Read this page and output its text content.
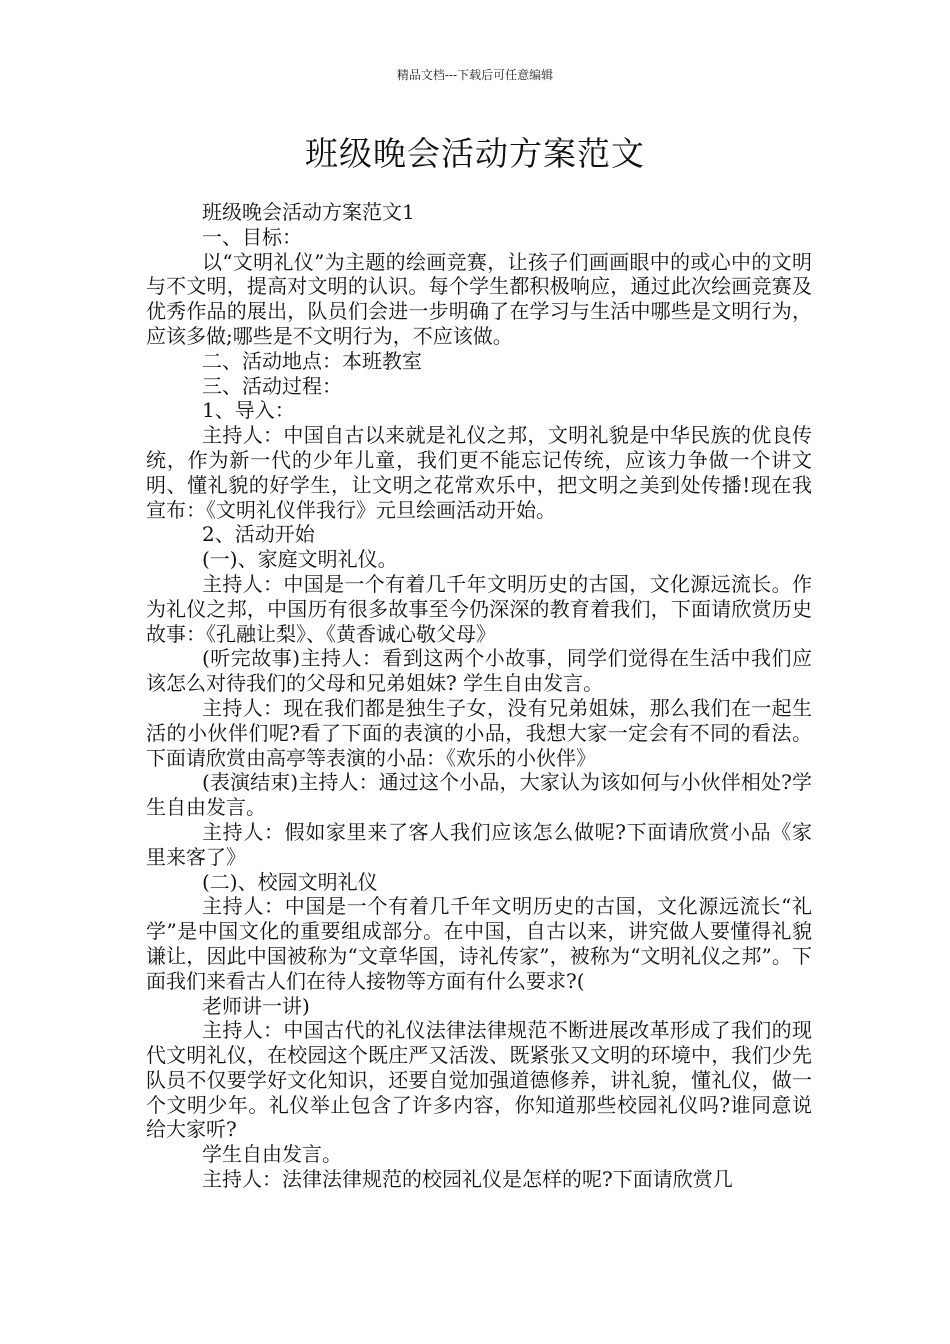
精品文档---下载后可任意编辑
班级晚会活动方案范文

班级晚会活动方案范文1

一、目标：

以“文明礼仪”为主题的绘画竞赛，让孩子们画画眼中的或心中的文明与不文明，提高对文明的认识。每个学生都积极响应，通过此次绘画竞赛及优秀作品的展出，队员们会进一步明确了在学习与生活中哪些是文明行为，应该多做;哪些是不文明行为，不应该做。

二、活动地点：本班教室

三、活动过程：

1、导入：

主持人：中国自古以来就是礼仪之邦，文明礼貌是中华民族的优良传统，作为新一代的少年儿童，我们更不能忘记传统，应该力争做一个讲文明、懂礼貌的好学生，让文明之花常欢乐中，把文明之美到处传播!现在我宣布：《文明礼仪伴我行》元旦绘画活动开始。

2、活动开始

(一)、家庭文明礼仪。

主持人：中国是一个有着几千年文明历史的古国，文化源远流长。作为礼仪之邦，中国历有很多故事至今仍深深的教育着我们，下面请欣赏历史故事：《孔融让梨》、《黄香诚心敬父母》

(听完故事)主持人：看到这两个小故事，同学们觉得在生活中我们应该怎么对待我们的父母和兄弟姐妹? 学生自由发言。

主持人：现在我们都是独生子女，没有兄弟姐妹，那么我们在一起生活的小伙伴们呢?看了下面的表演的小品，我想大家一定会有不同的看法。下面请欣赏由高亭等表演的小品：《欢乐的小伙伴》

(表演结束)主持人：通过这个小品，大家认为该如何与小伙伴相处?学生自由发言。

主持人：假如家里来了客人我们应该怎么做呢?下面请欣赏小品《家里来客了》

(二)、校园文明礼仪

主持人：中国是一个有着几千年文明历史的古国，文化源远流长“礼学”是中国文化的重要组成部分。在中国，自古以来，讲究做人要懂得礼貌谦让，因此中国被称为“文章华国，诗礼传家”，被称为“文明礼仪之邦”。下面我们来看古人们在待人接物等方面有什么要求?(

老师讲一讲)

主持人：中国古代的礼仪法律法律规范不断进展改革形成了我们的现代文明礼仪，在校园这个既庄严又活泼、既紧张又文明的环境中，我们少先队员不仅要学好文化知识，还要自觉加强道德修养，讲礼貌，懂礼仪，做一个文明少年。礼仪举止包含了许多内容，你知道那些校园礼仪吗?谁同意说给大家听?

学生自由发言。

主持人：法律法律规范的校园礼仪是怎样的呢?下面请欣赏几
